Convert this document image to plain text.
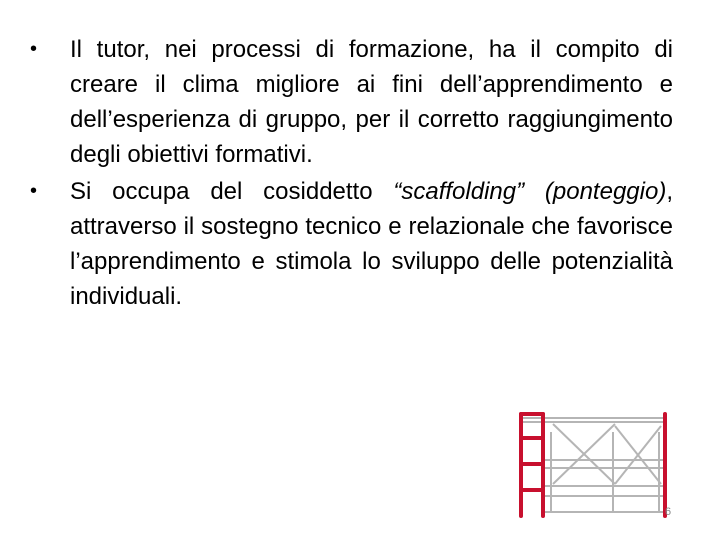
• Il tutor, nei processi di formazione, ha il compito di creare il clima migliore ai fini dell’apprendimento e dell’esperienza di gruppo, per il corretto raggiungimento degli obiettivi formativi.
• Si occupa del cosiddetto “scaffolding” (ponteggio), attraverso il sostegno tecnico e relazionale che favorisce l’apprendimento e stimola lo sviluppo delle potenzialità individuali.
6
